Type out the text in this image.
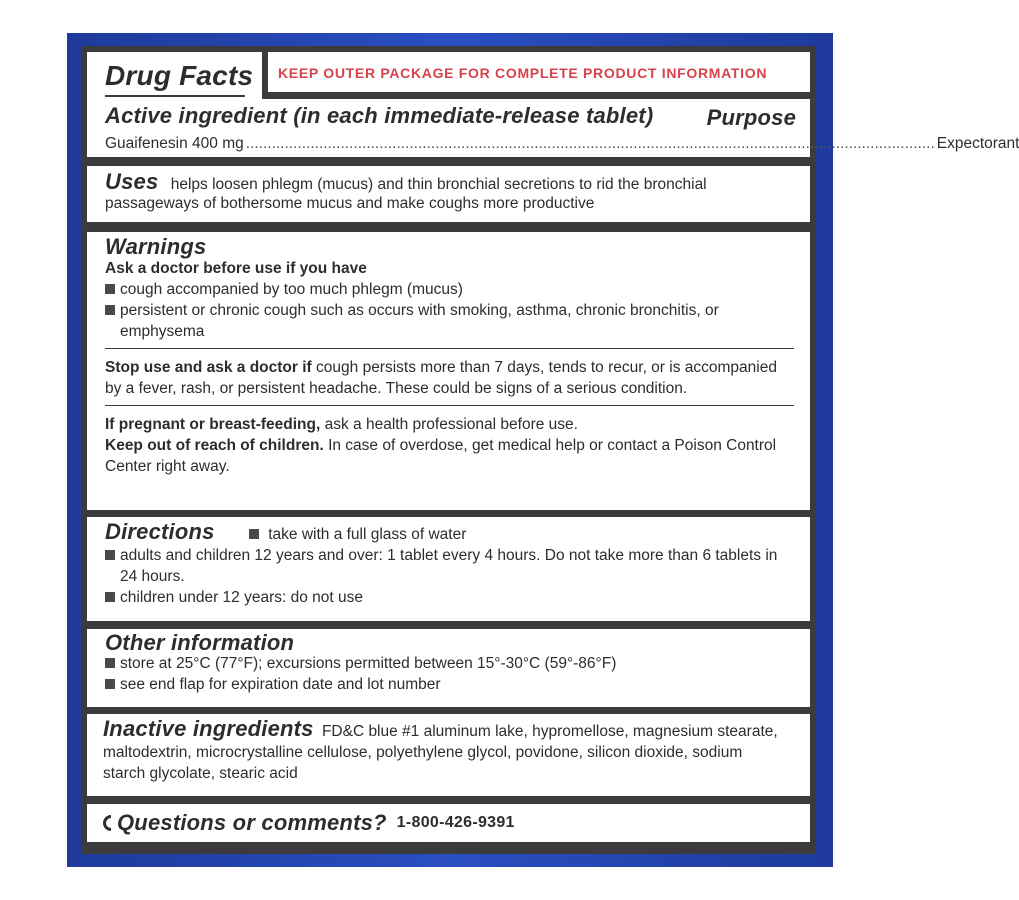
Drug Facts KEEP OUTER PACKAGE FOR COMPLETE PRODUCT INFORMATION
Active ingredient (in each immediate-release tablet) Purpose
Guaifenesin 400 mg ................................................................................................................................................................ Expectorant
Uses helps loosen phlegm (mucus) and thin bronchial secretions to rid the bronchial
passageways of bothersome mucus and make coughs more productive
Warnings
Ask a doctor before use if you have
cough accompanied by too much phlegm (mucus)
persistent or chronic cough such as occurs with smoking, asthma, chronic bronchitis, or emphysema
Stop use and ask a doctor if cough persists more than 7 days, tends to recur, or is accompanied by a fever, rash, or persistent headache. These could be signs of a serious condition.
If pregnant or breast-feeding, ask a health professional before use.
Keep out of reach of children. In case of overdose, get medical help or contact a Poison Control Center right away.
Directions	take with a full glass of water
adults and children 12 years and over: 1 tablet every 4 hours. Do not take more than 6 tablets in 24 hours.
children under 12 years: do not use
Other information
store at 25°C (77°F); excursions permitted between 15°-30°C (59°-86°F)
see end flap for expiration date and lot number
Inactive ingredients FD&C blue #1 aluminum lake, hypromellose, magnesium stearate, maltodextrin, microcrystalline cellulose, polyethylene glycol, povidone, silicon dioxide, sodium starch glycolate, stearic acid
Questions or comments? 1-800-426-9391
